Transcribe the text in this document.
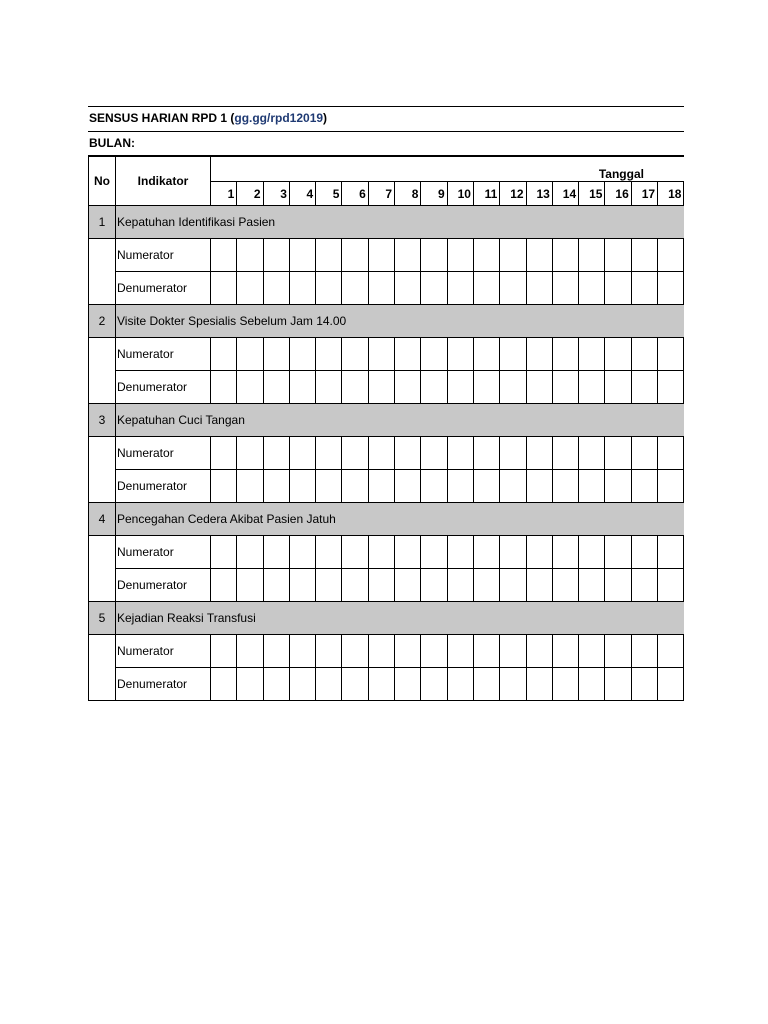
SENSUS HARIAN RPD 1 (gg.gg/rpd12019)
BULAN:
No	Indikator	Tanggal																	
		1	2	3	4	5	6	7	8	9	10	11	12	13	14	15	16	17	18
1	Kepatuhan Identifikasi Pasien																		
	Numerator																		
	Denumerator																		
2	Visite Dokter Spesialis Sebelum Jam 14.00																		
	Numerator																		
	Denumerator																		
3	Kepatuhan Cuci Tangan																		
	Numerator																		
	Denumerator																		
4	Pencegahan Cedera Akibat Pasien Jatuh																		
	Numerator																		
	Denumerator																		
5	Kejadian Reaksi Transfusi																		
	Numerator																		
	Denumerator																		
